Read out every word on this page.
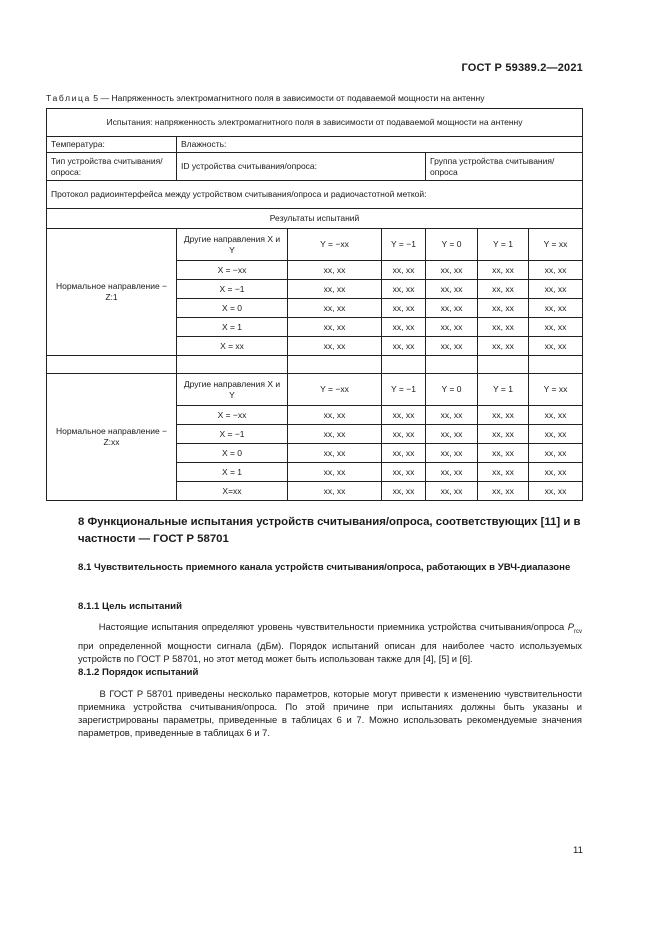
ГОСТ Р 59389.2—2021
Таблица 5 — Напряженность электромагнитного поля в зависимости от подаваемой мощности на антенну
Испытания: напряженность электромагнитного поля в зависимости от подаваемой мощности на антенну						
Температура:	Влажность:					
Тип устройства считывания/опроса:	ID устройства считывания/опроса:			Группа устройства считывания/опроса		
Протокол радиоинтерфейса между устройством считывания/опроса и радиочастотной меткой:						
Результаты испытаний						
Нормальное направление − Z:1	Другие направления X и Y	Y = −xx	Y = −1	Y = 0	Y = 1	Y = xx
	X = −xx	xx, xx	xx, xx	xx, xx	xx, xx	xx, xx
	X = −1	xx, xx	xx, xx	xx, xx	xx, xx	xx, xx
	X = 0	xx, xx	xx, xx	xx, xx	xx, xx	xx, xx
	X = 1	xx, xx	xx, xx	xx, xx	xx, xx	xx, xx
	X = xx	xx, xx	xx, xx	xx, xx	xx, xx	xx, xx

Нормальное направление − Z:xx	Другие направления X и Y	Y = −xx	Y = −1	Y = 0	Y = 1	Y = xx
	X = −xx	xx, xx	xx, xx	xx, xx	xx, xx	xx, xx
	X = −1	xx, xx	xx, xx	xx, xx	xx, xx	xx, xx
	X = 0	xx, xx	xx, xx	xx, xx	xx, xx	xx, xx
	X = 1	xx, xx	xx, xx	xx, xx	xx, xx	xx, xx
	X=xx	xx, xx	xx, xx	xx, xx	xx, xx	xx, xx
8 Функциональные испытания устройств считывания/опроса, соответствующих [11] и в частности — ГОСТ Р 58701
8.1 Чувствительность приемного канала устройств считывания/опроса, работающих в УВЧ-диапазоне
8.1.1 Цель испытаний
Настоящие испытания определяют уровень чувствительности приемника устройства считывания/опроса $P_{rcv}$ при определенной мощности сигнала (дБм). Порядок испытаний описан для наиболее часто используемых устройств по ГОСТ Р 58701, но этот метод может быть использован также для [4], [5] и [6].
8.1.2 Порядок испытаний
В ГОСТ Р 58701 приведены несколько параметров, которые могут привести к изменению чувствительности приемника устройства считывания/опроса. По этой причине при испытаниях должны быть указаны и зарегистрированы параметры, приведенные в таблицах 6 и 7. Можно использовать рекомендуемые значения параметров, приведенные в таблицах 6 и 7.
11
